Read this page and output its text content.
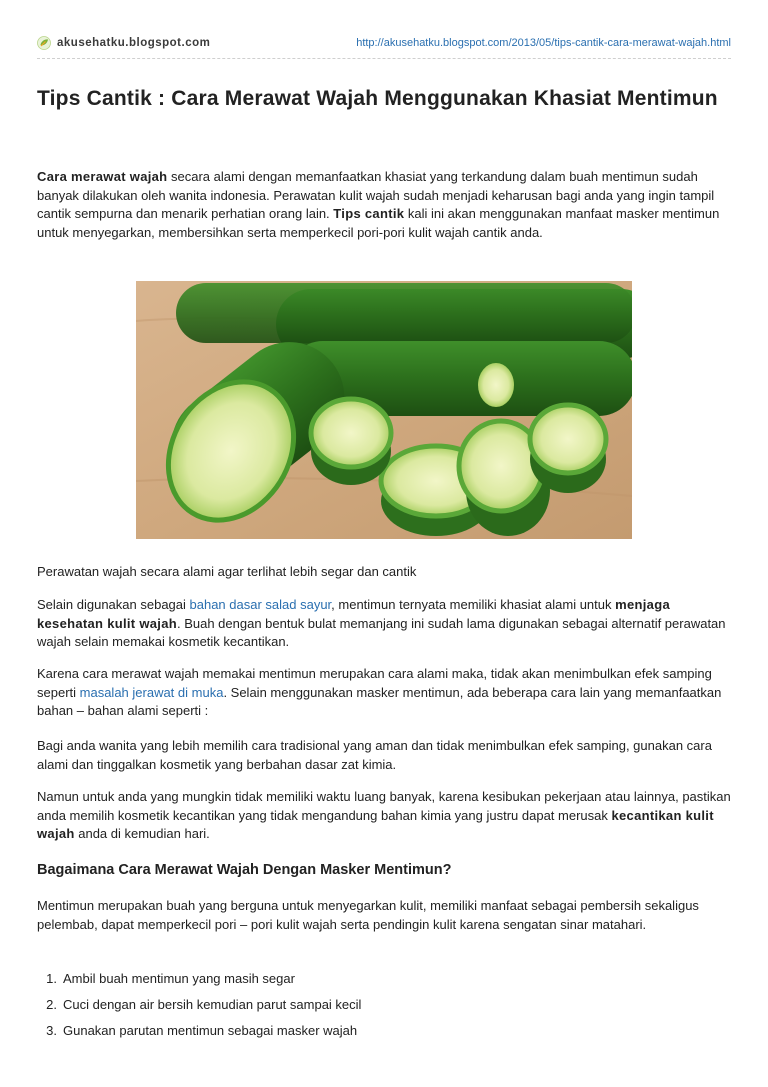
akusehatku.blogspot.com	http://akusehatku.blogspot.com/2013/05/tips-cantik-cara-merawat-wajah.html
Tips Cantik : Cara Merawat Wajah Menggunakan Khasiat Mentimun

Cara merawat wajah secara alami dengan memanfaatkan khasiat yang terkandung dalam buah mentimun sudah banyak dilakukan oleh wanita indonesia. Perawatan kulit wajah sudah menjadi keharusan bagi anda yang ingin tampil cantik sempurna dan menarik perhatian orang lain. Tips cantik kali ini akan menggunakan manfaat masker mentimun untuk menyegarkan, membersihkan serta memperkecil pori-pori kulit wajah cantik anda.

Perawatan wajah secara alami agar terlihat lebih segar dan cantik

Selain digunakan sebagai bahan dasar salad sayur, mentimun ternyata memiliki khasiat alami untuk menjaga kesehatan kulit wajah. Buah dengan bentuk bulat memanjang ini sudah lama digunakan sebagai alternatif perawatan wajah selain memakai kosmetik kecantikan.

Karena cara merawat wajah memakai mentimun merupakan cara alami maka, tidak akan menimbulkan efek samping seperti masalah jerawat di muka. Selain menggunakan masker mentimun, ada beberapa cara lain yang memanfaatkan bahan – bahan alami seperti :

Bagi anda wanita yang lebih memilih cara tradisional yang aman dan tidak menimbulkan efek samping, gunakan cara alami dan tinggalkan kosmetik yang berbahan dasar zat kimia.

Namun untuk anda yang mungkin tidak memiliki waktu luang banyak, karena kesibukan pekerjaan atau lainnya, pastikan anda memilih kosmetik kecantikan yang tidak mengandung bahan kimia yang justru dapat merusak kecantikan kulit wajah anda di kemudian hari.

Bagaimana Cara Merawat Wajah Dengan Masker Mentimun?

Mentimun merupakan buah yang berguna untuk menyegarkan kulit, memiliki manfaat sebagai pembersih sekaligus pelembab, dapat memperkecil pori – pori kulit wajah serta pendingin kulit karena sengatan sinar matahari.

1. Ambil buah mentimun yang masih segar
2. Cuci dengan air bersih kemudian parut sampai kecil
3. Gunakan parutan mentimun sebagai masker wajah
